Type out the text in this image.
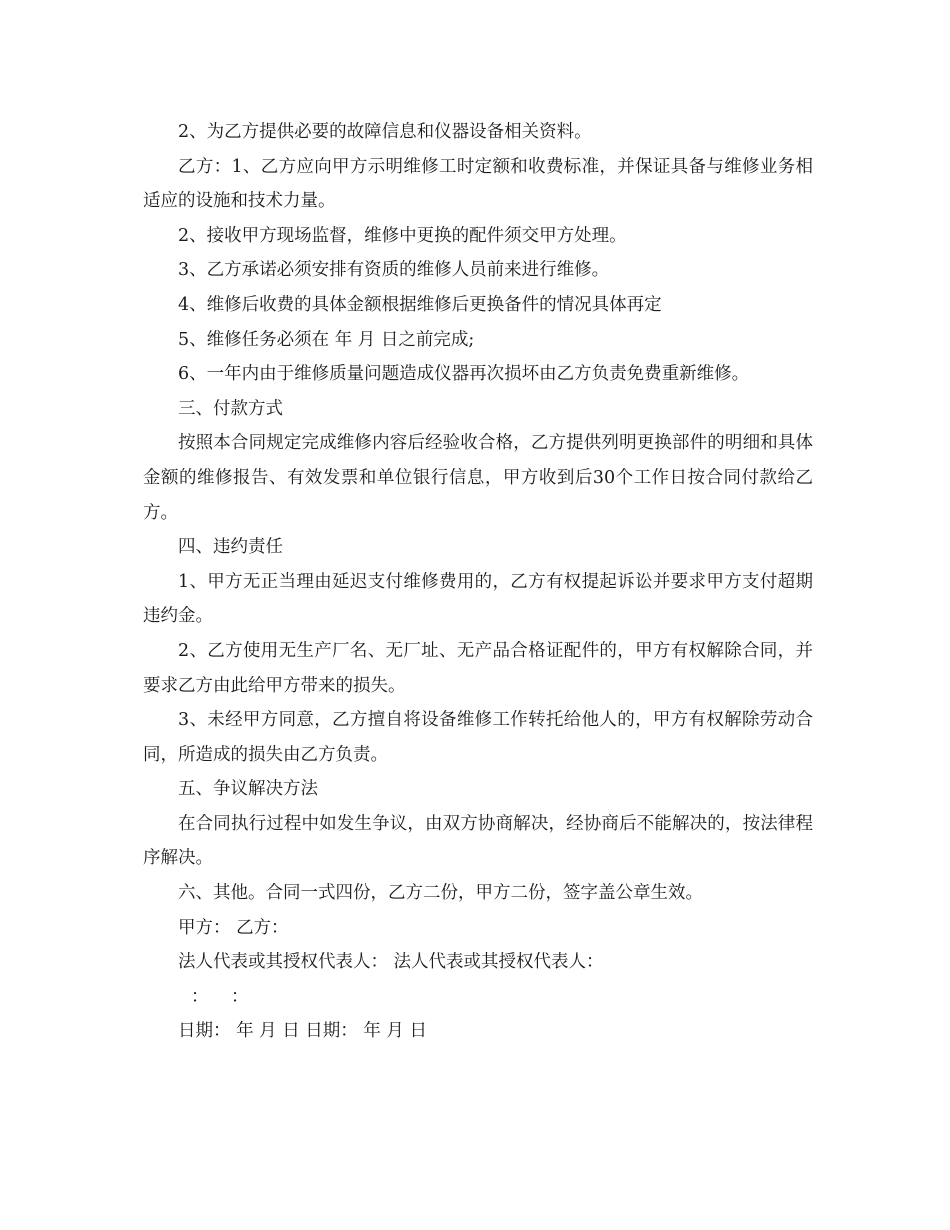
2、为乙方提供必要的故障信息和仪器设备相关资料。

乙方：1、乙方应向甲方示明维修工时定额和收费标准，并保证具备与维修业务相适应的设施和技术力量。

2、接收甲方现场监督，维修中更换的配件须交甲方处理。

3、乙方承诺必须安排有资质的维修人员前来进行维修。

4、维修后收费的具体金额根据维修后更换备件的情况具体再定

5、维修任务必须在 年 月 日之前完成;

6、一年内由于维修质量问题造成仪器再次损坏由乙方负责免费重新维修。

三、付款方式

按照本合同规定完成维修内容后经验收合格，乙方提供列明更换部件的明细和具体金额的维修报告、有效发票和单位银行信息，甲方收到后30个工作日按合同付款给乙方。

四、违约责任

1、甲方无正当理由延迟支付维修费用的，乙方有权提起诉讼并要求甲方支付超期违约金。

2、乙方使用无生产厂名、无厂址、无产品合格证配件的，甲方有权解除合同，并要求乙方由此给甲方带来的损失。

3、未经甲方同意，乙方擅自将设备维修工作转托给他人的，甲方有权解除劳动合同，所造成的损失由乙方负责。

五、争议解决方法

在合同执行过程中如发生争议，由双方协商解决，经协商后不能解决的，按法律程序解决。

六、其他。合同一式四份，乙方二份，甲方二份，签字盖公章生效。

甲方： 乙方：

法人代表或其授权代表人： 法人代表或其授权代表人：

： ：

日期： 年 月 日 日期： 年 月 日
